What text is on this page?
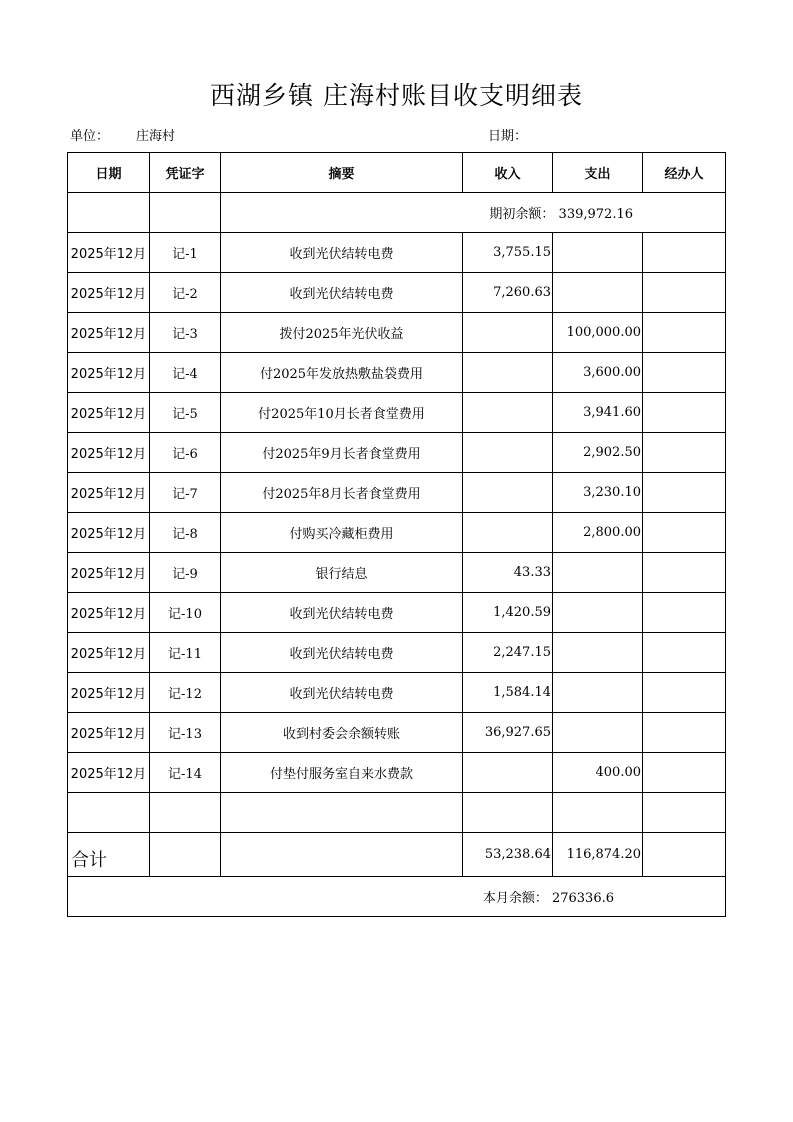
西湖乡镇 庄海村账目收支明细表
单位： 庄海村	日期：
日期	凭证字	摘要	收入	支出	经办人
		期初余额： 339,972.16			
2025年12月	记-1	收到光伏结转电费	3,755.15		
2025年12月	记-2	收到光伏结转电费	7,260.63		
2025年12月	记-3	拨付2025年光伏收益		100,000.00	
2025年12月	记-4	付2025年发放热敷盐袋费用		3,600.00	
2025年12月	记-5	付2025年10月长者食堂费用		3,941.60	
2025年12月	记-6	付2025年9月长者食堂费用		2,902.50	
2025年12月	记-7	付2025年8月长者食堂费用		3,230.10	
2025年12月	记-8	付购买冷藏柜费用		2,800.00	
2025年12月	记-9	银行结息	43.33		
2025年12月	记-10	收到光伏结转电费	1,420.59		
2025年12月	记-11	收到光伏结转电费	2,247.15		
2025年12月	记-12	收到光伏结转电费	1,584.14		
2025年12月	记-13	收到村委会余额转账	36,927.65		
2025年12月	记-14	付垫付服务室自来水费款		400.00	

合计			53,238.64	116,874.20	
本月余额： 276336.6					
